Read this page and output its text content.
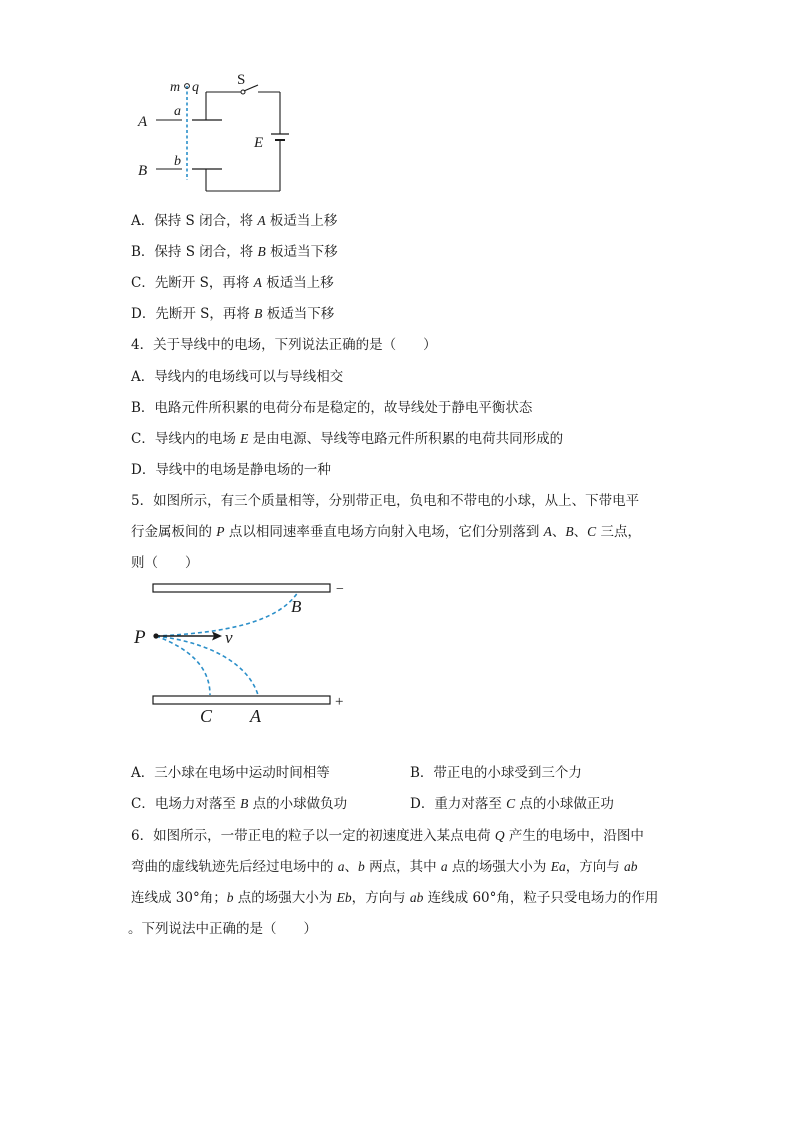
m q	S
A
a
B
b
E
A．保持 S 闭合，将 A 板适当上移
B．保持 S 闭合，将 B 板适当下移
C．先断开 S，再将 A 板适当上移
D．先断开 S，再将 B 板适当下移
4．关于导线中的电场，下列说法正确的是（　　）
A．导线内的电场线可以与导线相交
B．电路元件所积累的电荷分布是稳定的，故导线处于静电平衡状态
C．导线内的电场 E 是由电源、导线等电路元件所积累的电荷共同形成的
D．导线中的电场是静电场的一种
5．如图所示，有三个质量相等，分别带正电，负电和不带电的小球，从上、下带电平
行金属板间的 P 点以相同速率垂直电场方向射入电场，它们分别落到 A、B、C 三点，
则（　　）
−
+
P	v
B
C A
A．三小球在电场中运动时间相等	B．带正电的小球受到三个力
C．电场力对落至 B 点的小球做负功	D．重力对落至 C 点的小球做正功
6．如图所示，一带正电的粒子以一定的初速度进入某点电荷 Q 产生的电场中，沿图中
弯曲的虚线轨迹先后经过电场中的 a、b 两点，其中 a 点的场强大小为 Ea，方向与 ab
连线成 30°角；b 点的场强大小为 Eb，方向与 ab 连线成 60°角，粒子只受电场力的作用
。下列说法中正确的是（　　）
